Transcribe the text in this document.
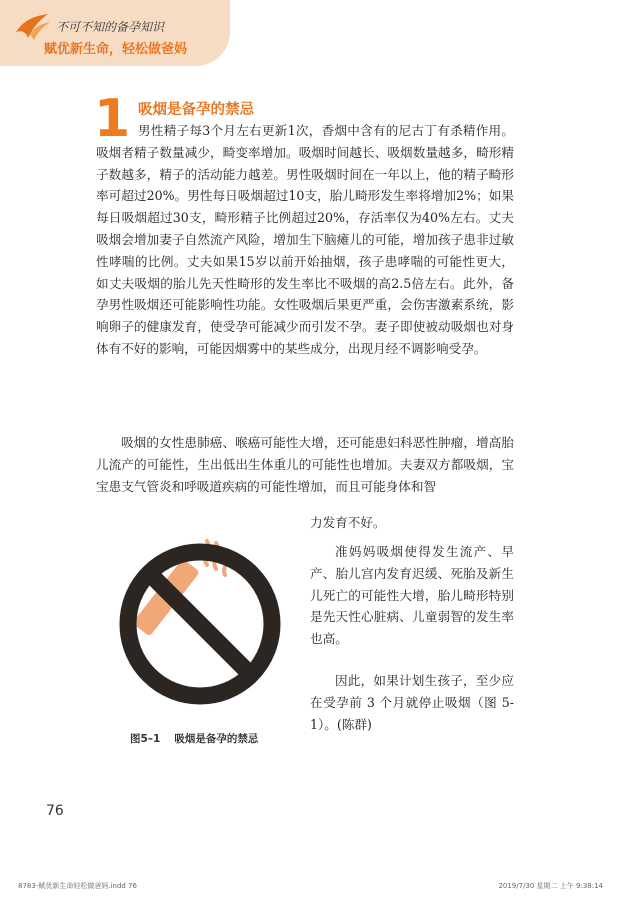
不可不知的备孕知识
赋优新生命，轻松做爸妈
1 吸烟是备孕的禁忌

男性精子每3个月左右更新1次，香烟中含有的尼古丁有杀精作用。吸烟者精子数量减少，畸变率增加。吸烟时间越长、吸烟数量越多，畸形精子数越多，精子的活动能力越差。男性吸烟时间在一年以上，他的精子畸形率可超过20%。男性每日吸烟超过10支，胎儿畸形发生率将增加2%；如果每日吸烟超过30支，畸形精子比例超过20%，存活率仅为40%左右。丈夫吸烟会增加妻子自然流产风险，增加生下脑瘫儿的可能，增加孩子患非过敏性哮喘的比例。丈夫如果15岁以前开始抽烟，孩子患哮喘的可能性更大，如丈夫吸烟的胎儿先天性畸形的发生率比不吸烟的高2.5倍左右。此外，备孕男性吸烟还可能影响性功能。女性吸烟后果更严重，会伤害激素系统，影响卵子的健康发育，使受孕可能减少而引发不孕。妻子即使被动吸烟也对身体有不好的影响，可能因烟雾中的某些成分，出现月经不调影响受孕。

吸烟的女性患肺癌、喉癌可能性大增，还可能患妇科恶性肿瘤，增高胎儿流产的可能性，生出低出生体重儿的可能性也增加。夫妻双方都吸烟，宝宝患支气管炎和呼吸道疾病的可能性增加，而且可能身体和智

力发育不好。

准妈妈吸烟使得发生流产、早产、胎儿宫内发育迟缓、死胎及新生儿死亡的可能性大增，胎儿畸形特别是先天性心脏病、儿童弱智的发生率也高。

因此，如果计划生孩子，至少应在受孕前 3 个月就停止吸烟（图 5-1）。(陈群)

图5–1 吸烟是备孕的禁忌
76
8783-赋优新生命轻松做爸妈.indd 76	2019/7/30 星期二 上午 9:38:14
